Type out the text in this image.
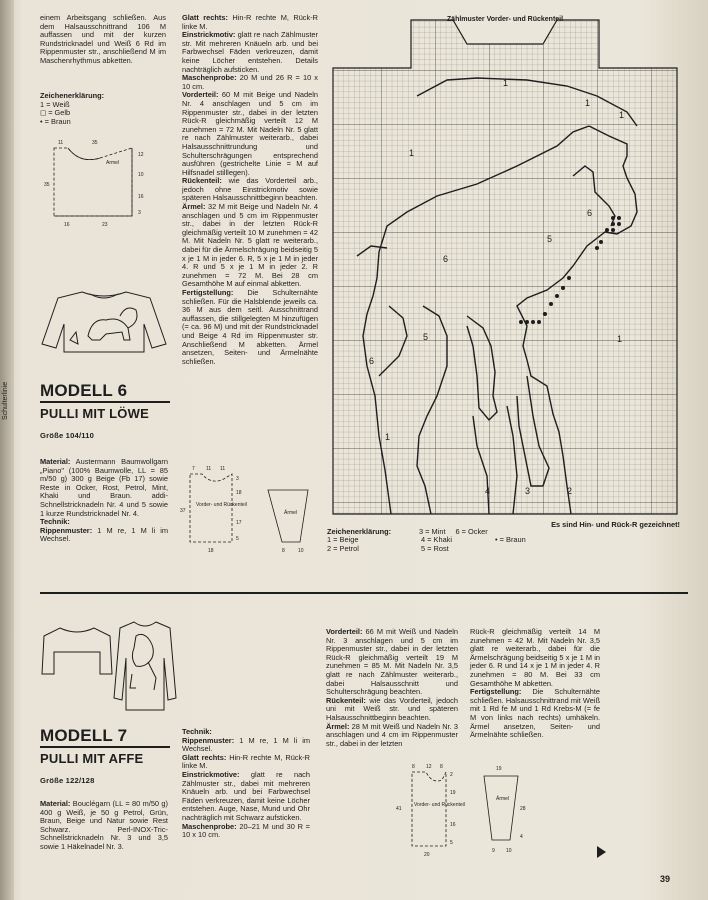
Schulterlinie
einem Arbeitsgang schließen. Aus dem Halsausschnittrand 106 M auffassen und mit der kurzen Rundstricknadel und Weiß 6 Rd im Rippenmuster str., anschließend M im Maschenrhythmus abketten.

Zeichenerklärung:

1 = Weiß

◻ = Gelb

• = Braun

11	35
Armel
12
10
16
3
35
16	23
MODELL 6
PULLI MIT LÖWE
Größe 104/110

Material: Austermann Baumwollgarn „Piano" (100% Baumwolle, LL = 85 m/50 g) 300 g Beige (Fb 17) sowie Reste in Ocker, Rost, Petrol, Mint, Khaki und Braun. addi-Schnellstricknadeln Nr. 4 und 5 sowie 1 kurze Rundstricknadel Nr. 4.

Technik:

Rippenmuster: 1 M re, 1 M li im Wechsel.

Glatt rechts: Hin-R rechte M, Rück-R linke M.

Einstrickmotiv: glatt re nach Zählmuster str. Mit mehreren Knäueln arb. und bei Farbwechsel Fäden verkreuzen, damit keine Löcher entstehen. Details nachträglich aufsticken.

Maschenprobe: 20 M und 26 R = 10 x 10 cm.

Vorderteil: 60 M mit Beige und Nadeln Nr. 4 anschlagen und 5 cm im Rippenmuster str., dabei in der letzten Rück-R gleichmäßig verteilt 12 M zunehmen = 72 M. Mit Nadeln Nr. 5 glatt re nach Zählmuster weiterarb., dabei Halsausschnittrundung und Schulterschrägungen entsprechend ausführen (gestrichelte Linie = M auf Hilfsnadel stilllegen).

Rückenteil: wie das Vorderteil arb., jedoch ohne Einstrickmotiv sowie späteren Halsausschnittbeginn beachten.

Ärmel: 32 M mit Beige und Nadeln Nr. 4 anschlagen und 5 cm im Rippenmuster str., dabei in der letzten Rück-R gleichmäßig verteilt 10 M zunehmen = 42 M. Mit Nadeln Nr. 5 glatt re weiterarb., dabei für die Ärmelschrägung beidseitig 5 x je 1 M in jeder 6. R, 5 x je 1 M in jeder 4. R und 5 x je 1 M in jeder 2. R zunehmen = 72 M. Bei 28 cm Gesamthöhe M auf einmal abketten.

Fertigstellung: Die Schulternähte schließen. Für die Halsblende jeweils ca. 36 M aus dem seitl. Ausschnittrand auffassen, die stillgelegten M hinzufügen (= ca. 96 M) und mit der Rundstricknadel und Beige 4 Rd im Rippenmuster str. Anschließend M abketten. Ärmel ansetzen, Seiten- und Ärmelnähte schließen.

7 11 11
Vorder- und Rückenteil
Ärmel
37
3
18
17
5
18	8	10
Zählmuster Vorder- und Rückenteil
1
1
1
1
6
5
6
5
6
1
1
4	3	2
Es sind Hin- und Rück-R gezeichnet!
Zeichenerklärung:	3 = Mint	6 = Ocker
1 = Beige	4 = Khaki	• = Braun
2 = Petrol	5 = Rost	
MODELL 7
PULLI MIT AFFE
Größe 122/128

Material: Bouclégarn (LL = 80 m/50 g) 400 g Weiß, je 50 g Petrol, Grün, Braun, Beige und Natur sowie Rest Schwarz. Perl-INOX-Tric-Schnellstricknadeln Nr. 3 und 3,5 sowie 1 Häkelnadel Nr. 3.

Technik:

Rippenmuster: 1 M re, 1 M li im Wechsel.

Glatt rechts: Hin-R rechte M, Rück-R linke M.

Einstrickmotive: glatt re nach Zählmuster str., dabei mit mehreren Knäueln arb. und bei Farbwechsel Fäden verkreuzen, damit keine Löcher entstehen. Auge, Nase, Mund und Ohr nachträglich mit Schwarz aufsticken.

Maschenprobe: 20–21 M und 30 R = 10 x 10 cm.

Vorderteil: 66 M mit Weiß und Nadeln Nr. 3 anschlagen und 5 cm im Rippenmuster str., dabei in der letzten Rück-R gleichmäßig verteilt 19 M zunehmen = 85 M. Mit Nadeln Nr. 3,5 glatt re nach Zählmuster weiterarb., dabei Halsausschnitt und Schulterschrägung beachten.

Rückenteil: wie das Vorderteil, jedoch uni mit Weiß str. und späteren Halsausschnittbeginn beachten.

Ärmel: 28 M mit Weiß und Nadeln Nr. 3 anschlagen und 4 cm im Rippenmuster str., dabei in der letzten

Rück-R gleichmäßig verteilt 14 M zunehmen = 42 M. Mit Nadeln Nr. 3,5 glatt re weiterarb., dabei für die Ärmelschrägung beidseitig 5 x je 1 M in jeder 6. R und 14 x je 1 M in jeder 4. R zunehmen = 80 M. Bei 33 cm Gesamthöhe M abketten.

Fertigstellung: Die Schulternähte schließen. Halsausschnittrand mit Weiß mit 1 Rd fe M und 1 Rd Krebs-M (= fe M von links nach rechts) umhäkeln. Ärmel ansetzen, Seiten- und Ärmelnähte schließen.

8 12 8
Vorder- und Rückenteil
Ärmel
41
2
19
16
5
20
19
28
4
9 10
39
